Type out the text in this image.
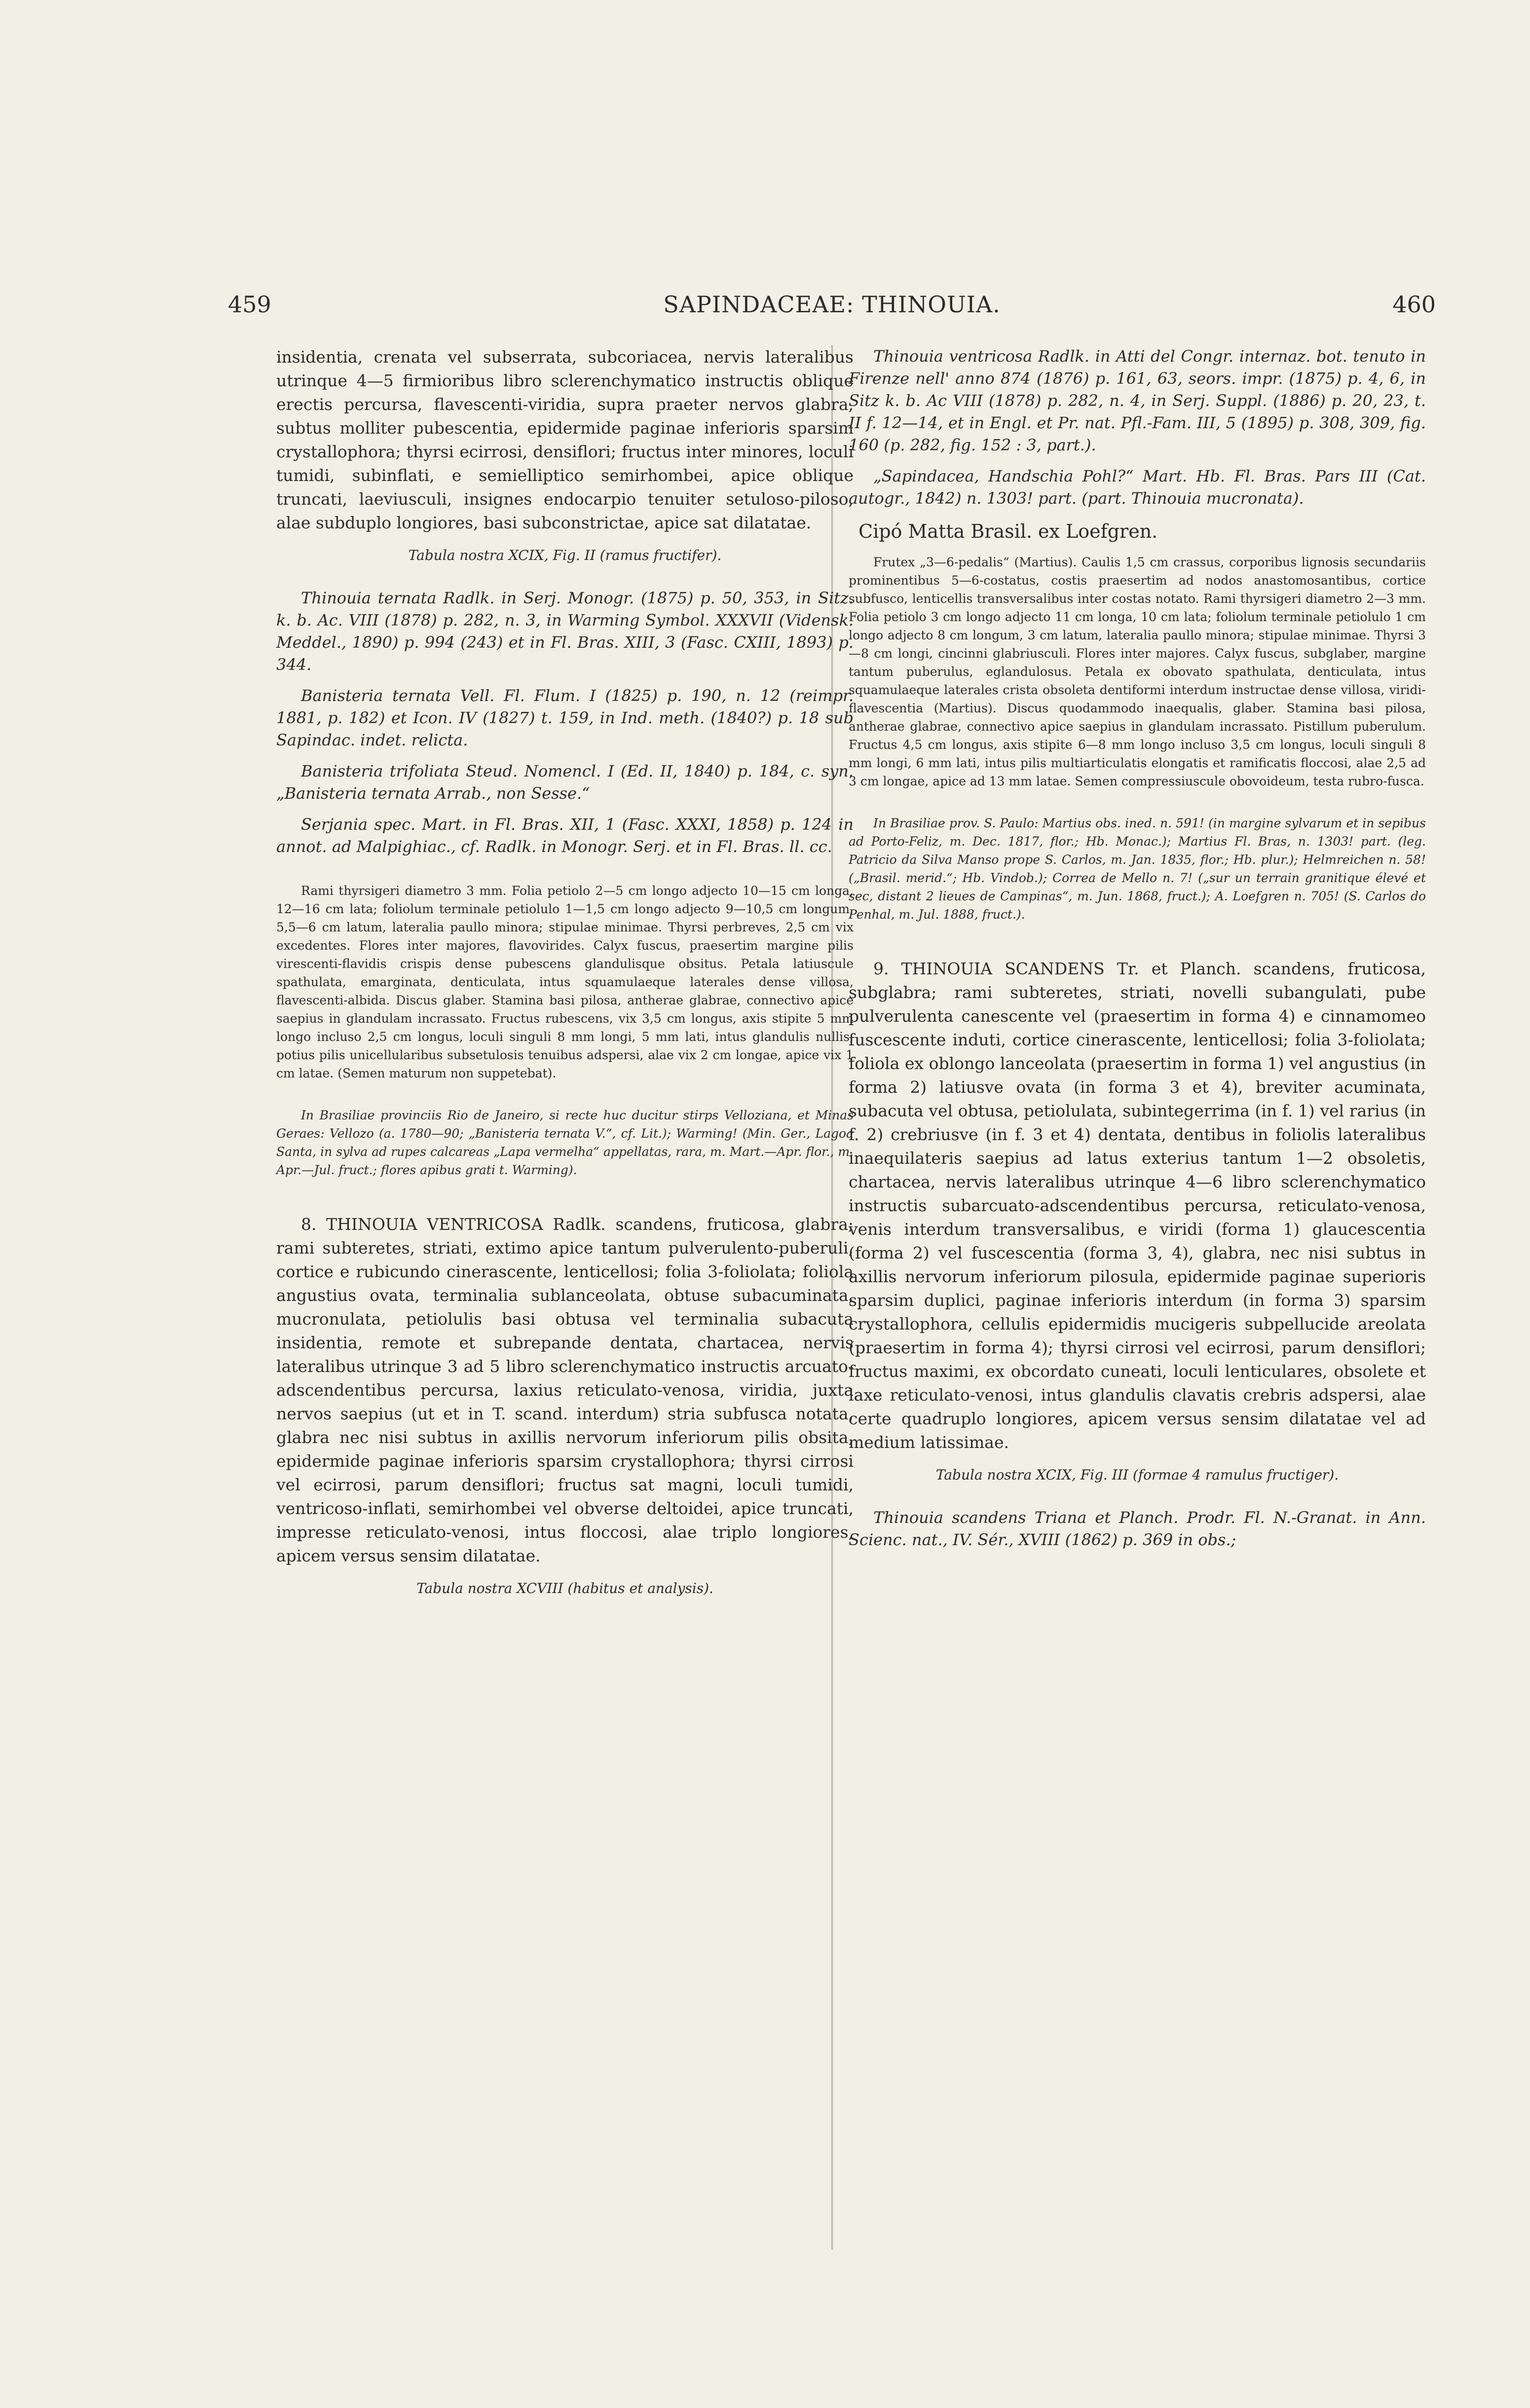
459	SAPINDACEAE: THINOUIA.	460

insidentia, crenata vel subserrata, subcoriacea, nervis lateralibus utrinque 4—5 firmioribus libro sclerenchymatico instructis oblique erectis percursa, flavescenti-viridia, supra praeter nervos glabra, subtus molliter pubescentia, epidermide paginae inferioris sparsim crystallophora; thyrsi ecirrosi, densiflori; fructus inter minores, loculi tumidi, subinflati, e semielliptico semirhombei, apice oblique truncati, laeviusculi, insignes endocarpio tenuiter setuloso-piloso, alae subduplo longiores, basi subconstrictae, apice sat dilatatae.

Tabula nostra XCIX, Fig. II (ramus fructifer).

Thinouia ternata Radlk. in Serj. Monogr. (1875) p. 50, 353, in Sitz. k. b. Ac. VIII (1878) p. 282, n. 3, in Warming Symbol. XXXVII (Vidensk. Meddel., 1890) p. 994 (243) et in Fl. Bras. XIII, 3 (Fasc. CXIII, 1893) p. 344.

Banisteria ternata Vell. Fl. Flum. I (1825) p. 190, n. 12 (reimpr. 1881, p. 182) et Icon. IV (1827) t. 159, in Ind. meth. (1840?) p. 18 sub Sapindac. indet. relicta.

Banisteria trifoliata Steud. Nomencl. I (Ed. II, 1840) p. 184, c. syn. „Banisteria ternata Arrab., non Sesse.“

Serjania spec. Mart. in Fl. Bras. XII, 1 (Fasc. XXXI, 1858) p. 124 in annot. ad Malpighiac., cf. Radlk. in Monogr. Serj. et in Fl. Bras. ll. cc.

Rami thyrsigeri diametro 3 mm. Folia petiolo 2—5 cm longo adjecto 10—15 cm longa, 12—16 cm lata; foliolum terminale petiolulo 1—1,5 cm longo adjecto 9—10,5 cm longum, 5,5—6 cm latum, lateralia paullo minora; stipulae minimae. Thyrsi perbreves, 2,5 cm vix excedentes. Flores inter majores, flavovirides. Calyx fuscus, praesertim margine pilis virescenti-flavidis crispis dense pubescens glandulisque obsitus. Petala latiuscule spathulata, emarginata, denticulata, intus squamulaeque laterales dense villosa, flavescenti-albida. Discus glaber. Stamina basi pilosa, antherae glabrae, connectivo apice saepius in glandulam incrassato. Fructus rubescens, vix 3,5 cm longus, axis stipite 5 mm longo incluso 2,5 cm longus, loculi singuli 8 mm longi, 5 mm lati, intus glandulis nullis, potius pilis unicellularibus subsetulosis tenuibus adspersi, alae vix 2 cm longae, apice vix 1 cm latae. (Semen maturum non suppetebat).

In Brasiliae provinciis Rio de Janeiro, si recte huc ducitur stirps Velloziana, et Minas Geraes: Vellozo (a. 1780—90; „Banisteria ternata V.“, cf. Lit.); Warming! (Min. Ger., Lagoa Santa, in sylva ad rupes calcareas „Lapa vermelha“ appellatas, rara, m. Mart.—Apr. flor., m. Apr.—Jul. fruct.; flores apibus grati t. Warming).

8. THINOUIA VENTRICOSA Radlk. scandens, fruticosa, glabra; rami subteretes, striati, extimo apice tantum pulverulento-puberuli, cortice e rubicundo cinerascente, lenticellosi; folia 3-foliolata; foliola angustius ovata, terminalia sublanceolata, obtuse subacuminata, mucronulata, petiolulis basi obtusa vel terminalia subacuta insidentia, remote et subrepande dentata, chartacea, nervis lateralibus utrinque 3 ad 5 libro sclerenchymatico instructis arcuato-adscendentibus percursa, laxius reticulato-venosa, viridia, juxta nervos saepius (ut et in T. scand. interdum) stria subfusca notata, glabra nec nisi subtus in axillis nervorum inferiorum pilis obsita, epidermide paginae inferioris sparsim crystallophora; thyrsi cirrosi vel ecirrosi, parum densiflori; fructus sat magni, loculi tumidi, ventricoso-inflati, semirhombei vel obverse deltoidei, apice truncati, impresse reticulato-venosi, intus floccosi, alae triplo longiores, apicem versus sensim dilatatae.

Tabula nostra XCVIII (habitus et analysis).

Thinouia ventricosa Radlk. in Atti del Congr. internaz. bot. tenuto in Firenze nell' anno 874 (1876) p. 161, 63, seors. impr. (1875) p. 4, 6, in Sitz k. b. Ac VIII (1878) p. 282, n. 4, in Serj. Suppl. (1886) p. 20, 23, t. II f. 12—14, et in Engl. et Pr. nat. Pfl.-Fam. III, 5 (1895) p. 308, 309, fig. 160 (p. 282, fig. 152 : 3, part.).

„Sapindacea, Handschia Pohl?“ Mart. Hb. Fl. Bras. Pars III (Cat. autogr., 1842) n. 1303! part. (part. Thinouia mucronata).

Cipó Matta Brasil. ex Loefgren.

Frutex „3—6-pedalis“ (Martius). Caulis 1,5 cm crassus, corporibus lignosis secundariis prominentibus 5—6-costatus, costis praesertim ad nodos anastomosantibus, cortice subfusco, lenticellis transversalibus inter costas notato. Rami thyrsigeri diametro 2—3 mm. Folia petiolo 3 cm longo adjecto 11 cm longa, 10 cm lata; foliolum terminale petiolulo 1 cm longo adjecto 8 cm longum, 3 cm latum, lateralia paullo minora; stipulae minimae. Thyrsi 3—8 cm longi, cincinni glabriusculi. Flores inter majores. Calyx fuscus, subglaber, margine tantum puberulus, eglandulosus. Petala ex obovato spathulata, denticulata, intus squamulaeque laterales crista obsoleta dentiformi interdum instructae dense villosa, viridi-flavescentia (Martius). Discus quodammodo inaequalis, glaber. Stamina basi pilosa, antherae glabrae, connectivo apice saepius in glandulam incrassato. Pistillum puberulum. Fructus 4,5 cm longus, axis stipite 6—8 mm longo incluso 3,5 cm longus, loculi singuli 8 mm longi, 6 mm lati, intus pilis multiarticulatis elongatis et ramificatis floccosi, alae 2,5 ad 3 cm longae, apice ad 13 mm latae. Semen compressiuscule obovoideum, testa rubro-fusca.

In Brasiliae prov. S. Paulo: Martius obs. ined. n. 591! (in margine sylvarum et in sepibus ad Porto-Feliz, m. Dec. 1817, flor.; Hb. Monac.); Martius Fl. Bras, n. 1303! part. (leg. Patricio da Silva Manso prope S. Carlos, m. Jan. 1835, flor.; Hb. plur.); Helmreichen n. 58! („Brasil. merid.“; Hb. Vindob.); Correa de Mello n. 7! („sur un terrain granitique élevé et sec, distant 2 lieues de Campinas“, m. Jun. 1868, fruct.); A. Loefgren n. 705! (S. Carlos do Penhal, m. Jul. 1888, fruct.).

9. THINOUIA SCANDENS Tr. et Planch. scandens, fruticosa, subglabra; rami subteretes, striati, novelli subangulati, pube pulverulenta canescente vel (praesertim in forma 4) e cinnamomeo fuscescente induti, cortice cinerascente, lenticellosi; folia 3-foliolata; foliola ex oblongo lanceolata (praesertim in forma 1) vel angustius (in forma 2) latiusve ovata (in forma 3 et 4), breviter acuminata, subacuta vel obtusa, petiolulata, subintegerrima (in f. 1) vel rarius (in f. 2) crebriusve (in f. 3 et 4) dentata, dentibus in foliolis lateralibus inaequilateris saepius ad latus exterius tantum 1—2 obsoletis, chartacea, nervis lateralibus utrinque 4—6 libro sclerenchymatico instructis subarcuato-adscendentibus percursa, reticulato-venosa, venis interdum transversalibus, e viridi (forma 1) glaucescentia (forma 2) vel fuscescentia (forma 3, 4), glabra, nec nisi subtus in axillis nervorum inferiorum pilosula, epidermide paginae superioris sparsim duplici, paginae inferioris interdum (in forma 3) sparsim crystallophora, cellulis epidermidis mucigeris subpellucide areolata (praesertim in forma 4); thyrsi cirrosi vel ecirrosi, parum densiflori; fructus maximi, ex obcordato cuneati, loculi lenticulares, obsolete et laxe reticulato-venosi, intus glandulis clavatis crebris adspersi, alae certe quadruplo longiores, apicem versus sensim dilatatae vel ad medium latissimae.

Tabula nostra XCIX, Fig. III (formae 4 ramulus fructiger).

Thinouia scandens Triana et Planch. Prodr. Fl. N.-Granat. in Ann. Scienc. nat., IV. Sér., XVIII (1862) p. 369 in obs.;
